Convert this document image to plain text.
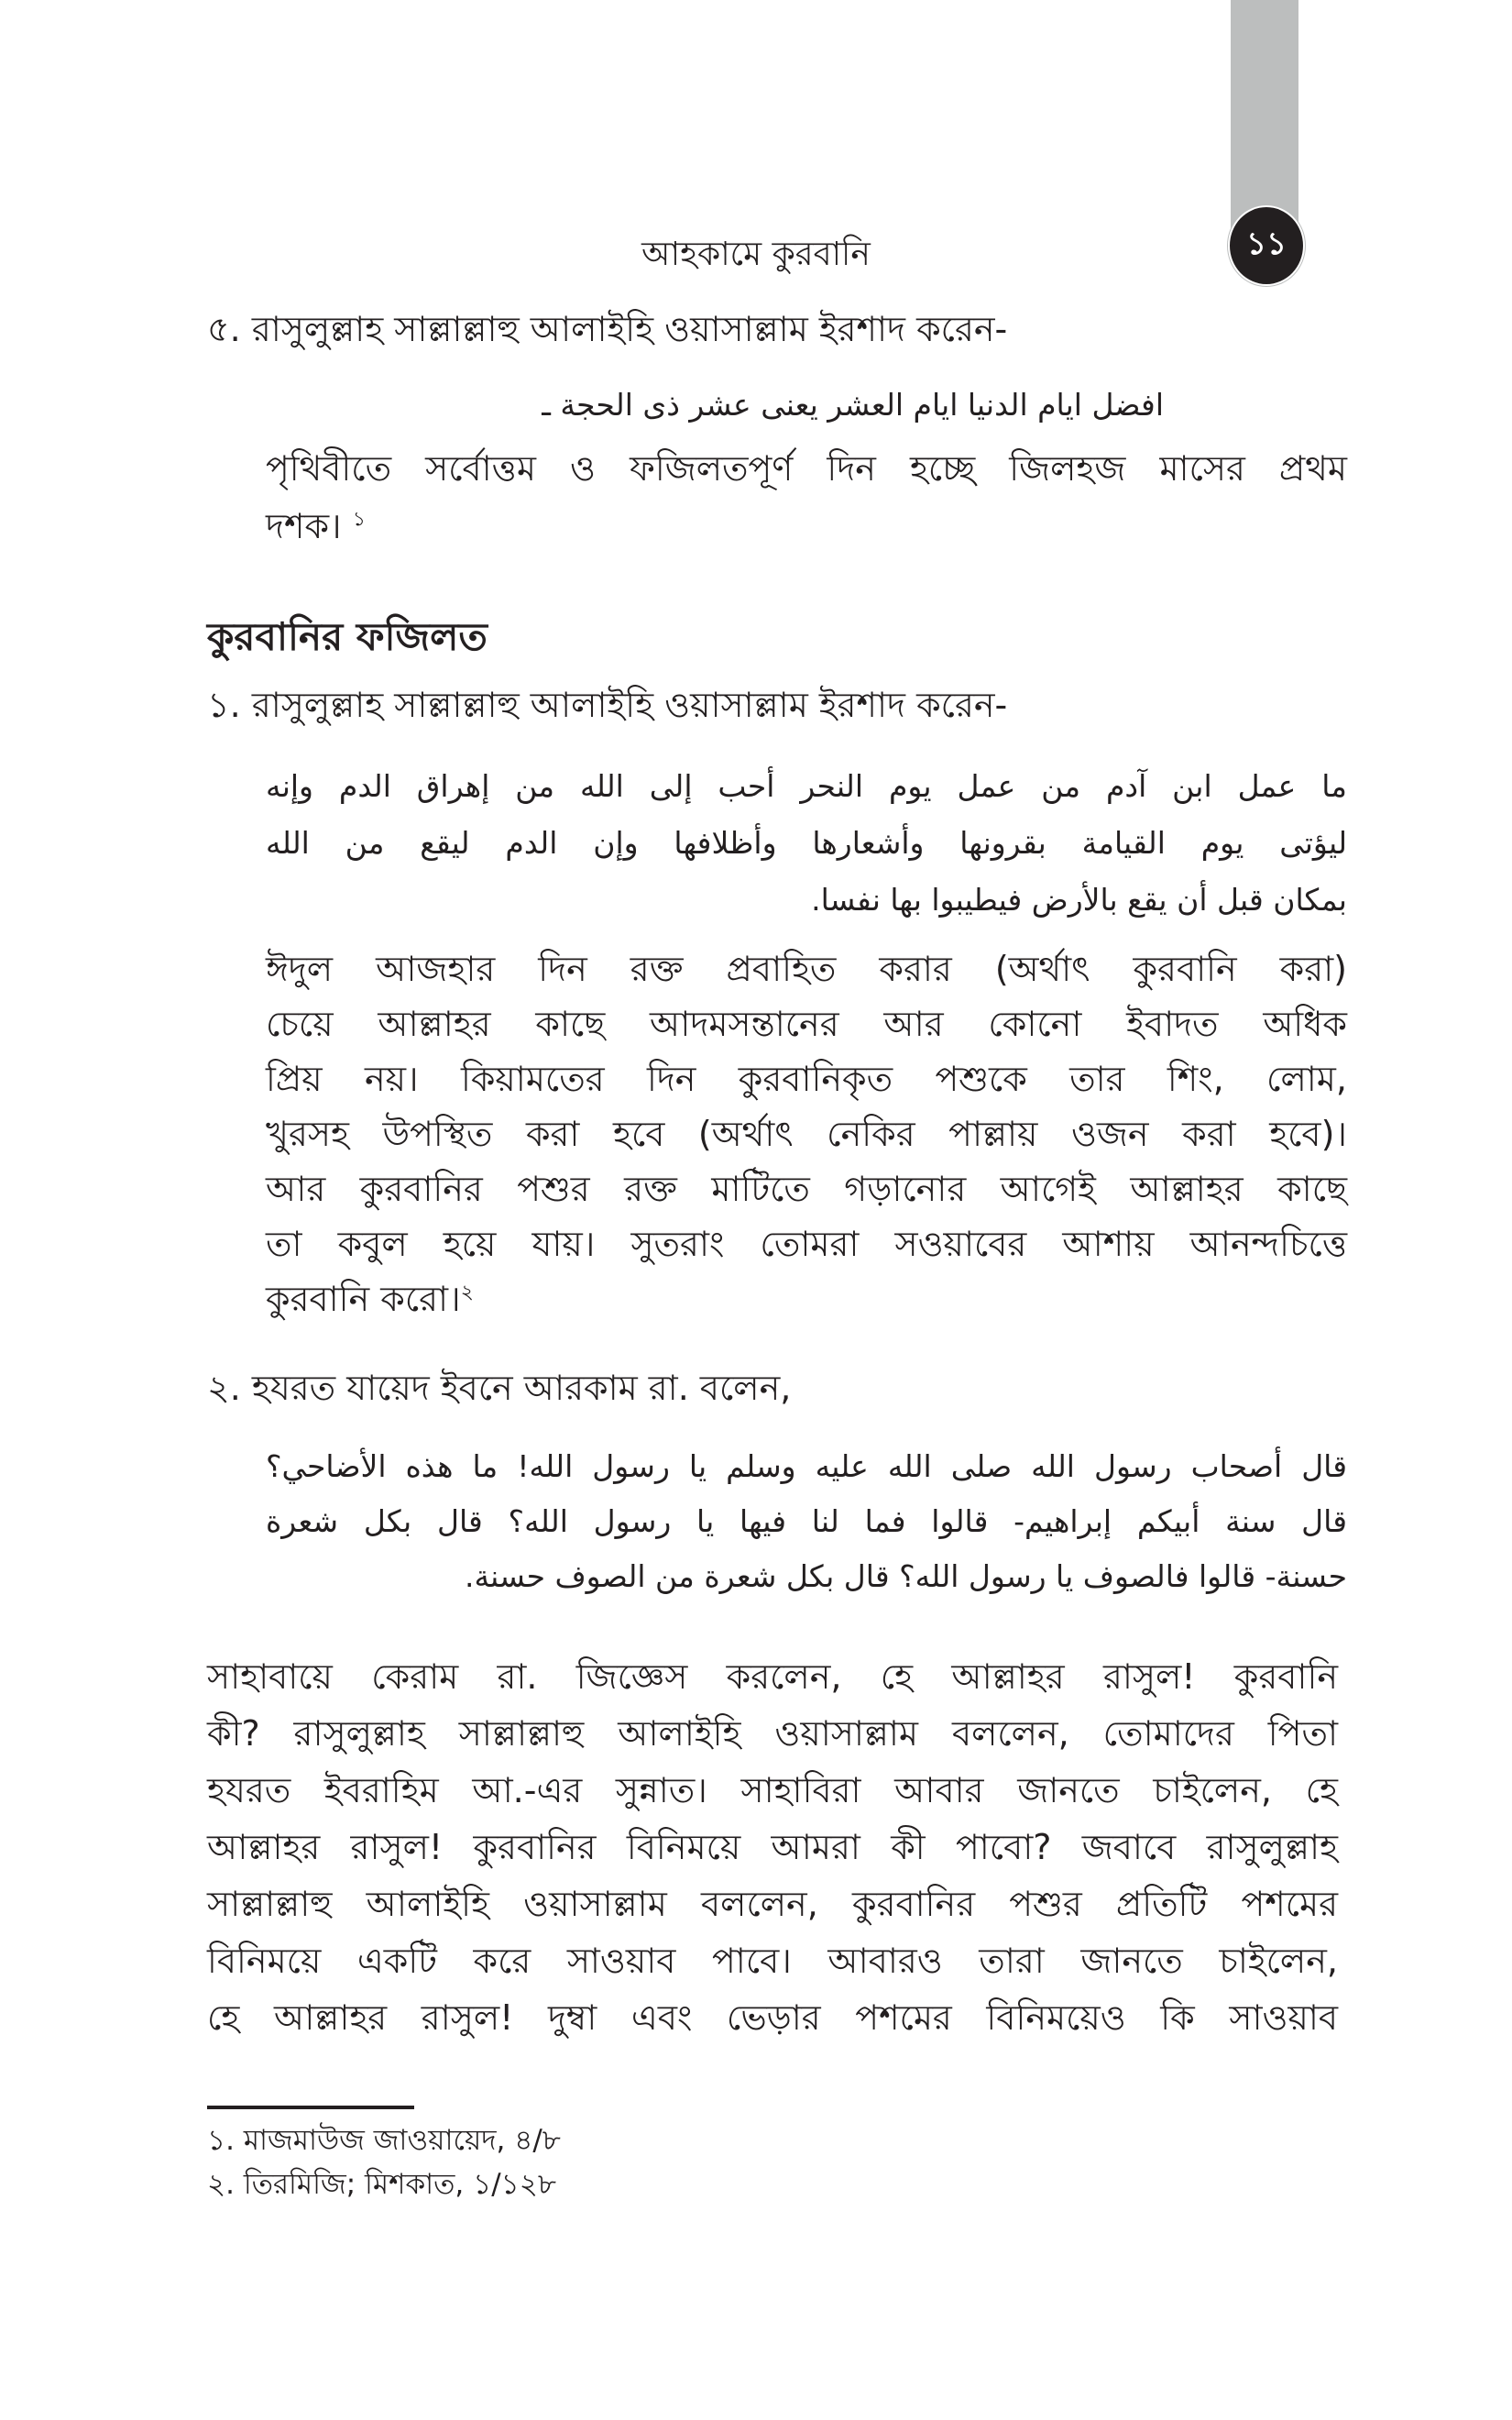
১১
আহকামে কুরবানি
৫. রাসুলুল্লাহ সাল্লাল্লাহু আলাইহি ওয়াসাল্লাম ইরশাদ করেন-
افضل ايام الدنيا ايام العشر يعنى عشر ذى الحجة ـ
পৃথিবীতে সর্বোত্তম ও ফজিলতপূর্ণ দিন হচ্ছে জিলহজ মাসের প্রথম
দশক। $^১$
কুরবানির ফজিলত
১. রাসুলুল্লাহ সাল্লাল্লাহু আলাইহি ওয়াসাল্লাম ইরশাদ করেন-
ما عمل ابن آدم من عمل يوم النحر أحب إلى الله من إهراق الدم وإنه
ليؤتى يوم القيامة بقرونها وأشعارها وأظلافها وإن الدم ليقع من الله
بمكان قبل أن يقع بالأرض فيطيبوا بها نفسا.
ঈদুল আজহার দিন রক্ত প্রবাহিত করার (অর্থাৎ কুরবানি করা)
চেয়ে আল্লাহর কাছে আদমসন্তানের আর কোনো ইবাদত অধিক
প্রিয় নয়। কিয়ামতের দিন কুরবানিকৃত পশুকে তার শিং, লোম,
খুরসহ উপস্থিত করা হবে (অর্থাৎ নেকির পাল্লায় ওজন করা হবে)।
আর কুরবানির পশুর রক্ত মাটিতে গড়ানোর আগেই আল্লাহর কাছে
তা কবুল হয়ে যায়। সুতরাং তোমরা সওয়াবের আশায় আনন্দচিত্তে
কুরবানি করো।$^২$
২. হযরত যায়েদ ইবনে আরকাম রা. বলেন,
قال أصحاب رسول الله صلى الله عليه وسلم يا رسول الله! ما هذه الأضاحي؟
قال سنة أبيكم إبراهيم- قالوا فما لنا فيها يا رسول الله؟ قال بكل شعرة
حسنة- قالوا فالصوف يا رسول الله؟ قال بكل شعرة من الصوف حسنة.
সাহাবায়ে কেরাম রা. জিজ্ঞেস করলেন, হে আল্লাহর রাসুল! কুরবানি
কী? রাসুলুল্লাহ সাল্লাল্লাহু আলাইহি ওয়াসাল্লাম বললেন, তোমাদের পিতা
হযরত ইবরাহিম আ.-এর সুন্নাত। সাহাবিরা আবার জানতে চাইলেন, হে
আল্লাহর রাসুল! কুরবানির বিনিময়ে আমরা কী পাবো? জবাবে রাসুলুল্লাহ
সাল্লাল্লাহু আলাইহি ওয়াসাল্লাম বললেন, কুরবানির পশুর প্রতিটি পশমের
বিনিময়ে একটি করে সাওয়াব পাবে। আবারও তারা জানতে চাইলেন,
হে আল্লাহর রাসুল! দুম্বা এবং ভেড়ার পশমের বিনিময়েও কি সাওয়াব
১. মাজমাউজ জাওয়ায়েদ, ৪/৮
২. তিরমিজি; মিশকাত, ১/১২৮
